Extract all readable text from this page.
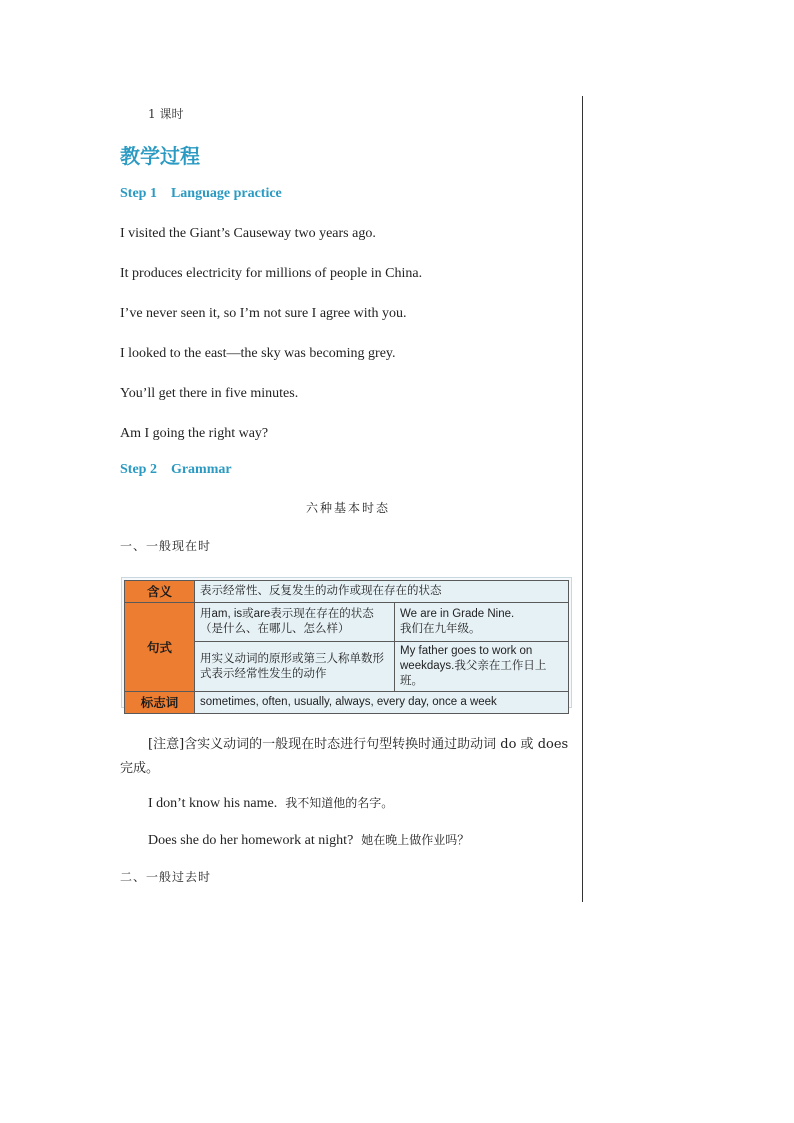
1 课时
教学过程
Step 1 Language practice
I visited the Giant’s Causeway two years ago.
It produces electricity for millions of people in China.
I’ve never seen it, so I’m not sure I agree with you.
I looked to the east—the sky was becoming grey.
You’ll get there in five minutes.
Am I going the right way?
Step 2 Grammar
六种基本时态
一、一般现在时
含义	表示经常性、反复发生的动作或现在存在的状态	
句式	用am, is或are表示现在存在的状态（是什么、在哪儿、怎么样）	We are in Grade Nine.
我们在九年级。

	用实义动词的原形或第三人称单数形式表示经常性发生的动作	My father goes to work on weekdays.我父亲在工作日上班。
标志词	sometimes, often, usually, always, every day, once a week	
[注意]含实义动词的一般现在时态进行句型转换时通过助动词 do 或 does 完成。
I don’t know his name. 我不知道他的名字。
Does she do her homework at night? 她在晚上做作业吗？
二、一般过去时
